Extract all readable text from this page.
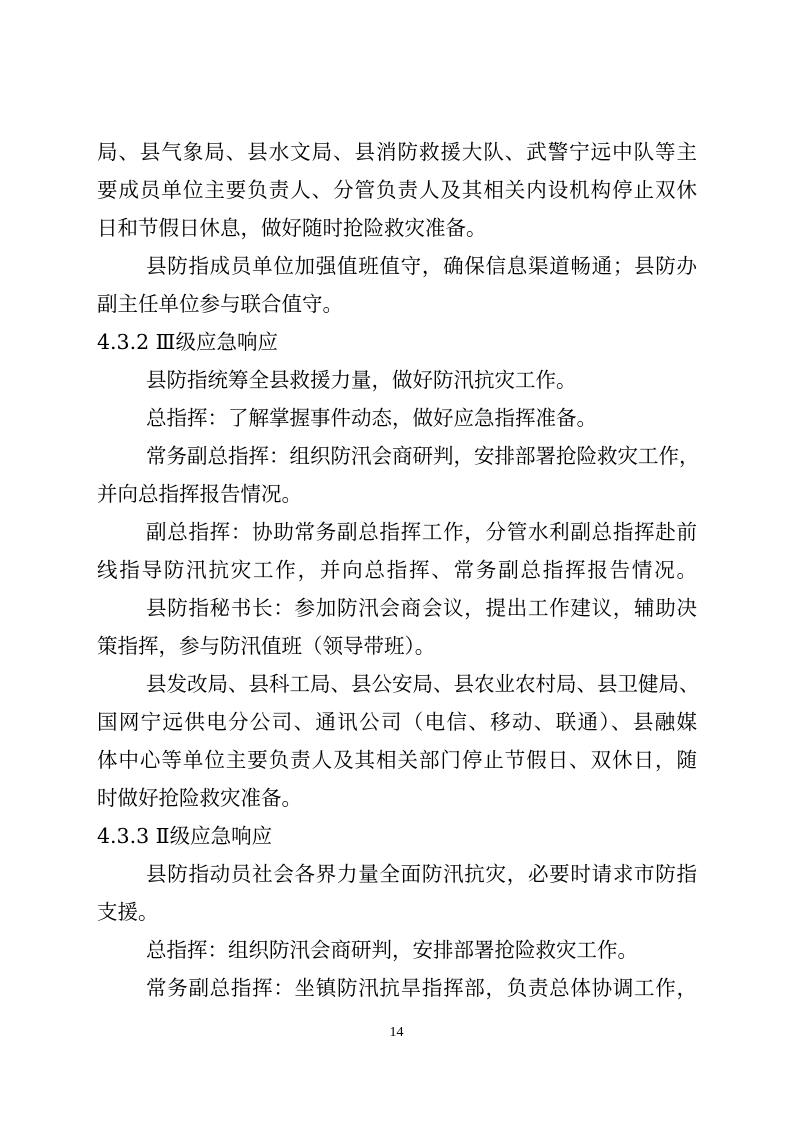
局、县气象局、县水文局、县消防救援大队、武警宁远中队等主
要成员单位主要负责人、分管负责人及其相关内设机构停止双休
日和节假日休息，做好随时抢险救灾准备。
县防指成员单位加强值班值守，确保信息渠道畅通；县防办
副主任单位参与联合值守。
4.3.2 Ⅲ级应急响应
县防指统筹全县救援力量，做好防汛抗灾工作。
总指挥：了解掌握事件动态，做好应急指挥准备。
常务副总指挥：组织防汛会商研判，安排部署抢险救灾工作，
并向总指挥报告情况。
副总指挥：协助常务副总指挥工作，分管水利副总指挥赴前
线指导防汛抗灾工作，并向总指挥、常务副总指挥报告情况。
县防指秘书长：参加防汛会商会议，提出工作建议，辅助决
策指挥，参与防汛值班（领导带班）。
县发改局、县科工局、县公安局、县农业农村局、县卫健局、
国网宁远供电分公司、通讯公司（电信、移动、联通）、县融媒
体中心等单位主要负责人及其相关部门停止节假日、双休日，随
时做好抢险救灾准备。
4.3.3 Ⅱ级应急响应
县防指动员社会各界力量全面防汛抗灾，必要时请求市防指
支援。
总指挥：组织防汛会商研判，安排部署抢险救灾工作。
常务副总指挥：坐镇防汛抗旱指挥部，负责总体协调工作，
14
